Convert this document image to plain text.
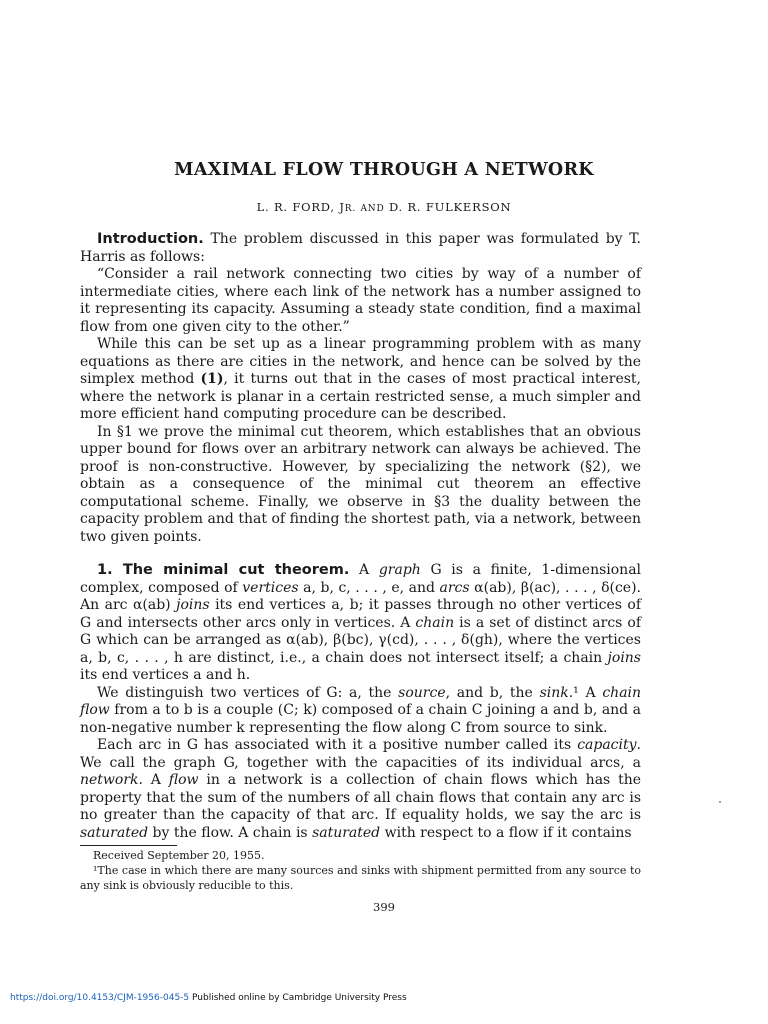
MAXIMAL FLOW THROUGH A NETWORK
L. R. FORD, JR. AND D. R. FULKERSON

Introduction. The problem discussed in this paper was formulated by T. Harris as follows:

“Consider a rail network connecting two cities by way of a number of intermediate cities, where each link of the network has a number assigned to it representing its capacity. Assuming a steady state condition, find a maximal flow from one given city to the other.”

While this can be set up as a linear programming problem with as many equations as there are cities in the network, and hence can be solved by the simplex method (1), it turns out that in the cases of most practical interest, where the network is planar in a certain restricted sense, a much simpler and more efficient hand computing procedure can be described.

In §1 we prove the minimal cut theorem, which establishes that an obvious upper bound for flows over an arbitrary network can always be achieved. The proof is non-constructive. However, by specializing the network (§2), we obtain as a consequence of the minimal cut theorem an effective computational scheme. Finally, we observe in §3 the duality between the capacity problem and that of finding the shortest path, via a network, between two given points.

1. The minimal cut theorem. A graph G is a finite, 1-dimensional complex, composed of vertices a, b, c, . . . , e, and arcs α(ab), β(ac), . . . , δ(ce). An arc α(ab) joins its end vertices a, b; it passes through no other vertices of G and intersects other arcs only in vertices. A chain is a set of distinct arcs of G which can be arranged as α(ab), β(bc), γ(cd), . . . , δ(gh), where the vertices a, b, c, . . . , h are distinct, i.e., a chain does not intersect itself; a chain joins its end vertices a and h.

We distinguish two vertices of G: a, the source, and b, the sink.¹ A chain flow from a to b is a couple (C; k) composed of a chain C joining a and b, and a non-negative number k representing the flow along C from source to sink.

Each arc in G has associated with it a positive number called its capacity. We call the graph G, together with the capacities of its individual arcs, a network. A flow in a network is a collection of chain flows which has the property that the sum of the numbers of all chain flows that contain any arc is no greater than the capacity of that arc. If equality holds, we say the arc is saturated by the flow. A chain is saturated with respect to a flow if it contains

Received September 20, 1955.

¹The case in which there are many sources and sinks with shipment permitted from any source to any sink is obviously reducible to this.

399
https://doi.org/10.4153/CJM-1956-045-5 Published online by Cambridge University Press
